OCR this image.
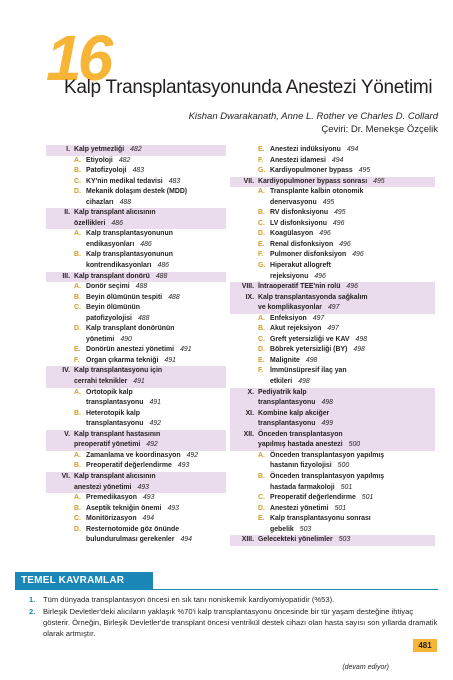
16
Kalp Transplantasyonunda Anestezi Yönetimi
Kishan Dwarakanath, Anne L. Rother ve Charles D. Collard
Çeviri: Dr. Menekşe Özçelik
I. Kalp yetmezliği 482
A. Etiyoloji 482
B. Patofizyoloji 483
C. KY'nin medikal tedavisi 483
D. Mekanik dolaşım destek (MDD)
cihazları 488
II. Kalp transplant alıcısının
özellikleri 486
A. Kalp transplantasyonunun
endikasyonları 486
B. Kalp transplantasyonunun
kontrendikasyonları 486
III. Kalp transplant donörü 488
A. Donör seçimi 488
B. Beyin ölümünün tespiti 488
C. Beyin ölümünün
patofizyolojisi 488
D. Kalp transplant donörünün
yönetimi 490
E. Donörün anestezi yönetimi 491
F. Organ çıkarma tekniği 491
IV. Kalp transplantasyonu için
cerrahi teknikler 491
A. Ortotopik kalp
transplantasyonu 491
B. Heterotopik kalp
transplantasyonu 492
V. Kalp transplant hastasının
preoperatif yönetimi 492
A. Zamanlama ve koordinasyon 492
B. Preoperatif değerlendirme 493
VI. Kalp transplant alıcısının
anestezi yönetimi 493
A. Premedikasyon 493
B. Aseptik tekniğin önemi 493
C. Monitörizasyon 494
D. Resternotomide göz önünde
bulundurulması gerekenler 494
E. Anestezi indüksiyonu 494
F. Anestezi idamesi 494
G. Kardiyopulmoner bypass 495
VII. Kardiyopulmoner bypass sonrası 495
A. Transplante kalbin otonomik
denervasyonu 495
B. RV disfonksiyonu 495
C. LV disfonksiyonu 496
D. Koagülasyon 496
E. Renal disfonksiyon 496
F. Pulmoner disfonksiyon 496
G. Hiperakut allogreft
rejeksiyonu 496
VIII. İntraoperatif TEE'nin rolü 496
IX. Kalp transplantasyonda sağkalım
ve komplikasyonlar 497
A. Enfeksiyon 497
B. Akut rejeksiyon 497
C. Greft yetersizliği ve KAV 498
D. Böbrek yetersizliği (BY) 498
E. Malignite 498
F. İmmünsüpresif ilaç yan
etkileri 498
X. Pediyatrik kalp
transplantasyonu 498
XI. Kombine kalp akciğer
transplantasyonu 499
XII. Önceden transplantasyon
yapılmış hastada anestezi 500
A. Önceden transplantasyon yapılmış
hastanın fizyolojisi 500
B. Önceden transplantasyon yapılmış
hastada farmakoloji 501
C. Preoperatif değerlendirme 501
D. Anestezi yönetimi 501
E. Kalp transplantasyonu sonrası
gebelik 503
XIII. Gelecekteki yönelimler 503
TEMEL KAVRAMLAR
1.	Tüm dünyada transplantasyon öncesi en sık tanı noniskemik kardiyomiyopatidir (%53).
2.	Birleşik Devletler'deki alıcıların yaklaşık %70'i kalp transplantasyonu öncesinde bir tür yaşam desteğine ihtiyaç gösterir. Örneğin, Birleşik Devletler'de transplant öncesi ventrikül destek cihazı olan hasta sayısı son yıllarda dramatik olarak artmıştır.
481
(devam ediyor)
